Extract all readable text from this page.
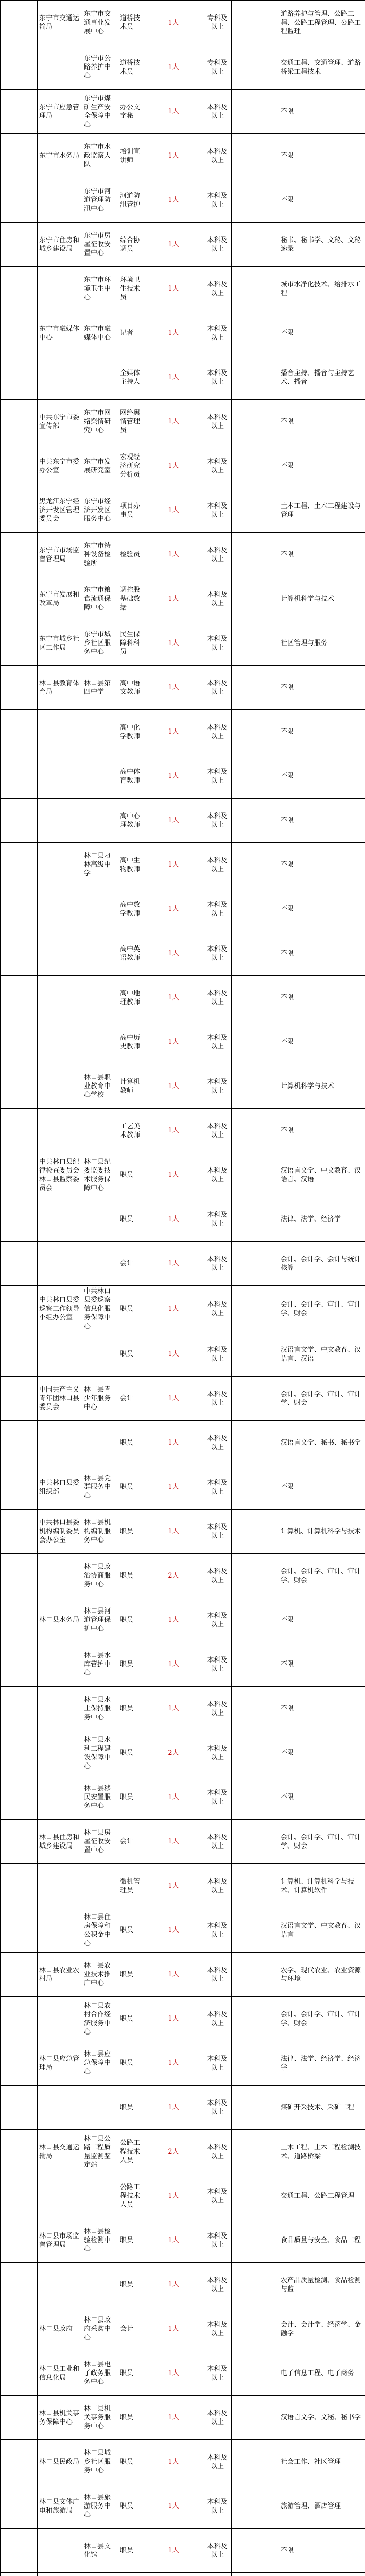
	东宁市交通运输局	东宁市交通事业发展中心	道桥技术员	1人	专科及以上		道路养护与管理、公路工程、公路工程管理、公路工程监理
		东宁市公路养护中心	道桥技术员	1人	专科及以上		交通工程、交通管理、道路桥梁工程技术
	东宁市应急管理局	东宁市煤矿生产安全保障中心	办公文字秘	1人	本科及以上		不限
	东宁市水务局	东宁市水政监察大队	培训宣讲师	1人	本科及以上		不限
		东宁市河道管理防汛中心	河道防汛管护	1人	本科及以上		不限
	东宁市住房和城乡建设局	东宁市房屋征收安置中心	综合协调员	1人	本科及以上		秘书、秘书学、文秘、文秘速录
		东宁市环境卫生中心	环境卫生技术员	1人	本科及以上		城市水净化技术、给排水工程
	东宁市融媒体中心	东宁市融媒体中心	记者	1人	本科及以上		不限
			全媒体主持人	1人	本科及以上		播音主持、播音与主持艺术、播音
	中共东宁市委宣传部	东宁市网络舆情研究中心	网络舆情管理员	1人	本科及以上		不限
	中共东宁市委办公室	东宁市发展研究室	宏观经济研究分析员	1人	本科及以上		不限
	黑龙江东宁经济开发区管理委员会	东宁市经济开发区服务中心	项目办事员	1人	本科及以上		土木工程、土木工程建设与管理
	东宁市市场监督管理局	东宁市特种设备检验所	检验员	1人	本科及以上		不限
	东宁市发展和改革局	东宁市粮食流通保障中心	调控股基础数据	1人	本科及以上		计算机科学与技术
	东宁市城乡社区工作局	东宁市城乡社区服务中心	民生保障科科员	1人	本科及以上		社区管理与服务
	林口县教育体育局	林口县第四中学	高中语文教师	1人	本科及以上		不限
			高中化学教师	1人	本科及以上		不限
			高中体育教师	1人	本科及以上		不限
			高中心理教师	1人	本科及以上		不限
		林口县刁林高级中学	高中生物教师	1人	本科及以上		不限
			高中数学教师	1人	本科及以上		不限
			高中英语教师	1人	本科及以上		不限
			高中地理教师	1人	本科及以上		不限
			高中历史教师	1人	本科及以上		不限
		林口县职业教育中心学校	计算机教师	1人	本科及以上		计算机科学与技术
			工艺美术教师	1人	本科及以上		不限
	中共林口县纪律检查委员会林口县监察委员会	林口县纪委监委技术服务保障中心	职员	1人	本科及以上		汉语言文学、中文教育、汉语言、汉语
			职员	1人	本科及以上		法律、法学、经济学
			会计	1人	本科及以上		会计、会计学、会计与统计核算
	中共林口县委巡察工作领导小组办公室	中共林口县委巡察信息化服务保障中心	职员	1人	本科及以上		会计、会计学、审计、审计学、财会
			职员	1人	本科及以上		汉语言文学、中文教育、汉语言、汉语
	中国共产主义青年团林口县委员会	林口县青少年服务中心	会计	1人	本科及以上		会计、会计学、审计、审计学、财会
			职员	1人	本科及以上		汉语言文学、秘书、秘书学
	中共林口县委组织部	林口县党群服务中心	职员	1人	本科及以上		不限
	中共林口县委机构编制委员会办公室	林口县机构编制服务中心	职员	1人	本科及以上		计算机、计算机科学与技术
		林口县政治协商服务中心	职员	2人	本科及以上		会计、会计学、审计、审计学、财会
	林口县水务局	林口县河道管理保护中心	职员	1人	本科及以上		不限
		林口县水库管护中心	职员	1人	本科及以上		不限
		林口县水土保持服务中心	职员	1人	本科及以上		不限
		林口县水利工程建设保障中心	职员	2人	本科及以上		不限
		林口县移民安置服务中心	职员	1人	本科及以上		不限
	林口县住房和城乡建设局	林口县房屋征收安置中心	会计	1人	本科及以上		会计、会计学、审计、审计学、财会
			微机管理员	1人	本科及以上		计算机、计算机科学与技术、计算机软件
		林口县住房保障和公积金中心	职员	1人	本科及以上		汉语言文学、中文教育、汉语言
	林口县农业农村局	林口县农业技术推广中心	职员	1人	本科及以上		农学、现代农业、农业资源与环境
		林口县农村合作经济服务中心	职员	1人	本科及以上		会计、会计学、审计、审计学、财会
	林口县应急管理局	林口县应急保障中心	职员	1人	本科及以上		法律、法学、经济学、经济学
			职员	1人	本科及以上		煤矿开采技术、采矿工程
	林口县交通运输局	林口县公路工程质量监测鉴定站	公路工程技术人员	2人	本科及以上		土木工程、土木工程检测技术、道路桥梁
			公路工程技术人员	1人	本科及以上		交通工程、公路工程管理
	林口县市场监督管理局	林口县检验检测中心	职员	1人	本科及以上		食品质量与安全、食品工程
			职员	1人	本科及以上		农产品质量检测、食品检测与监
	林口县政府	林口县政府采购中心	会计	1人	本科及以上		会计、会计学、经济学、金融学
	林口县工业和信息化局	林口县电子政务服务中心	职员	1人	本科及以上		电子信息工程、电子商务
	林口县机关事务保障中心	林口县机关事务服务中心	职员	1人	本科及以上		汉语言文学、文秘、秘书学
	林口县民政局	林口县城乡社区服务中心	职员	1人	本科及以上		社会工作、社区管理
	林口县文体广电和旅游局	林口县旅游服务中心	职员	1人	本科及以上		旅游管理、酒店管理
		林口县文化馆	职员	1人	本科及以上		不限
